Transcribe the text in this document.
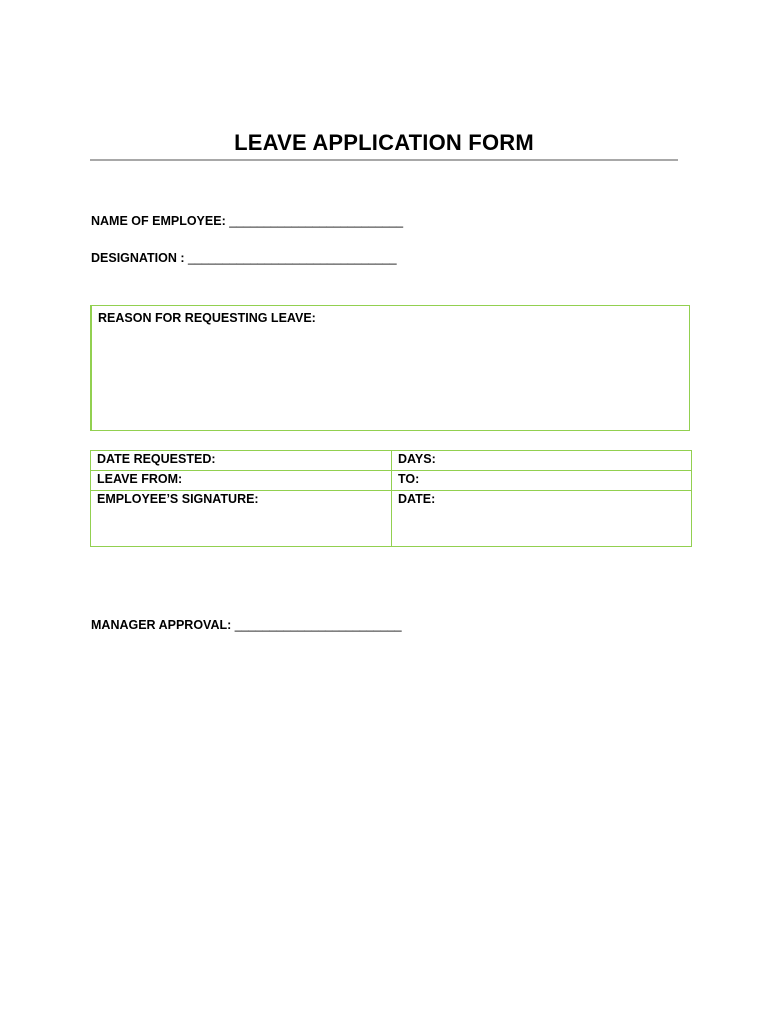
LEAVE APPLICATION FORM
NAME OF EMPLOYEE: _________________________
DESIGNATION : ______________________________
REASON FOR REQUESTING LEAVE:
DATE REQUESTED:	DAYS:
LEAVE FROM:	TO:
EMPLOYEE’S SIGNATURE:	DATE:
MANAGER APPROVAL: ________________________
